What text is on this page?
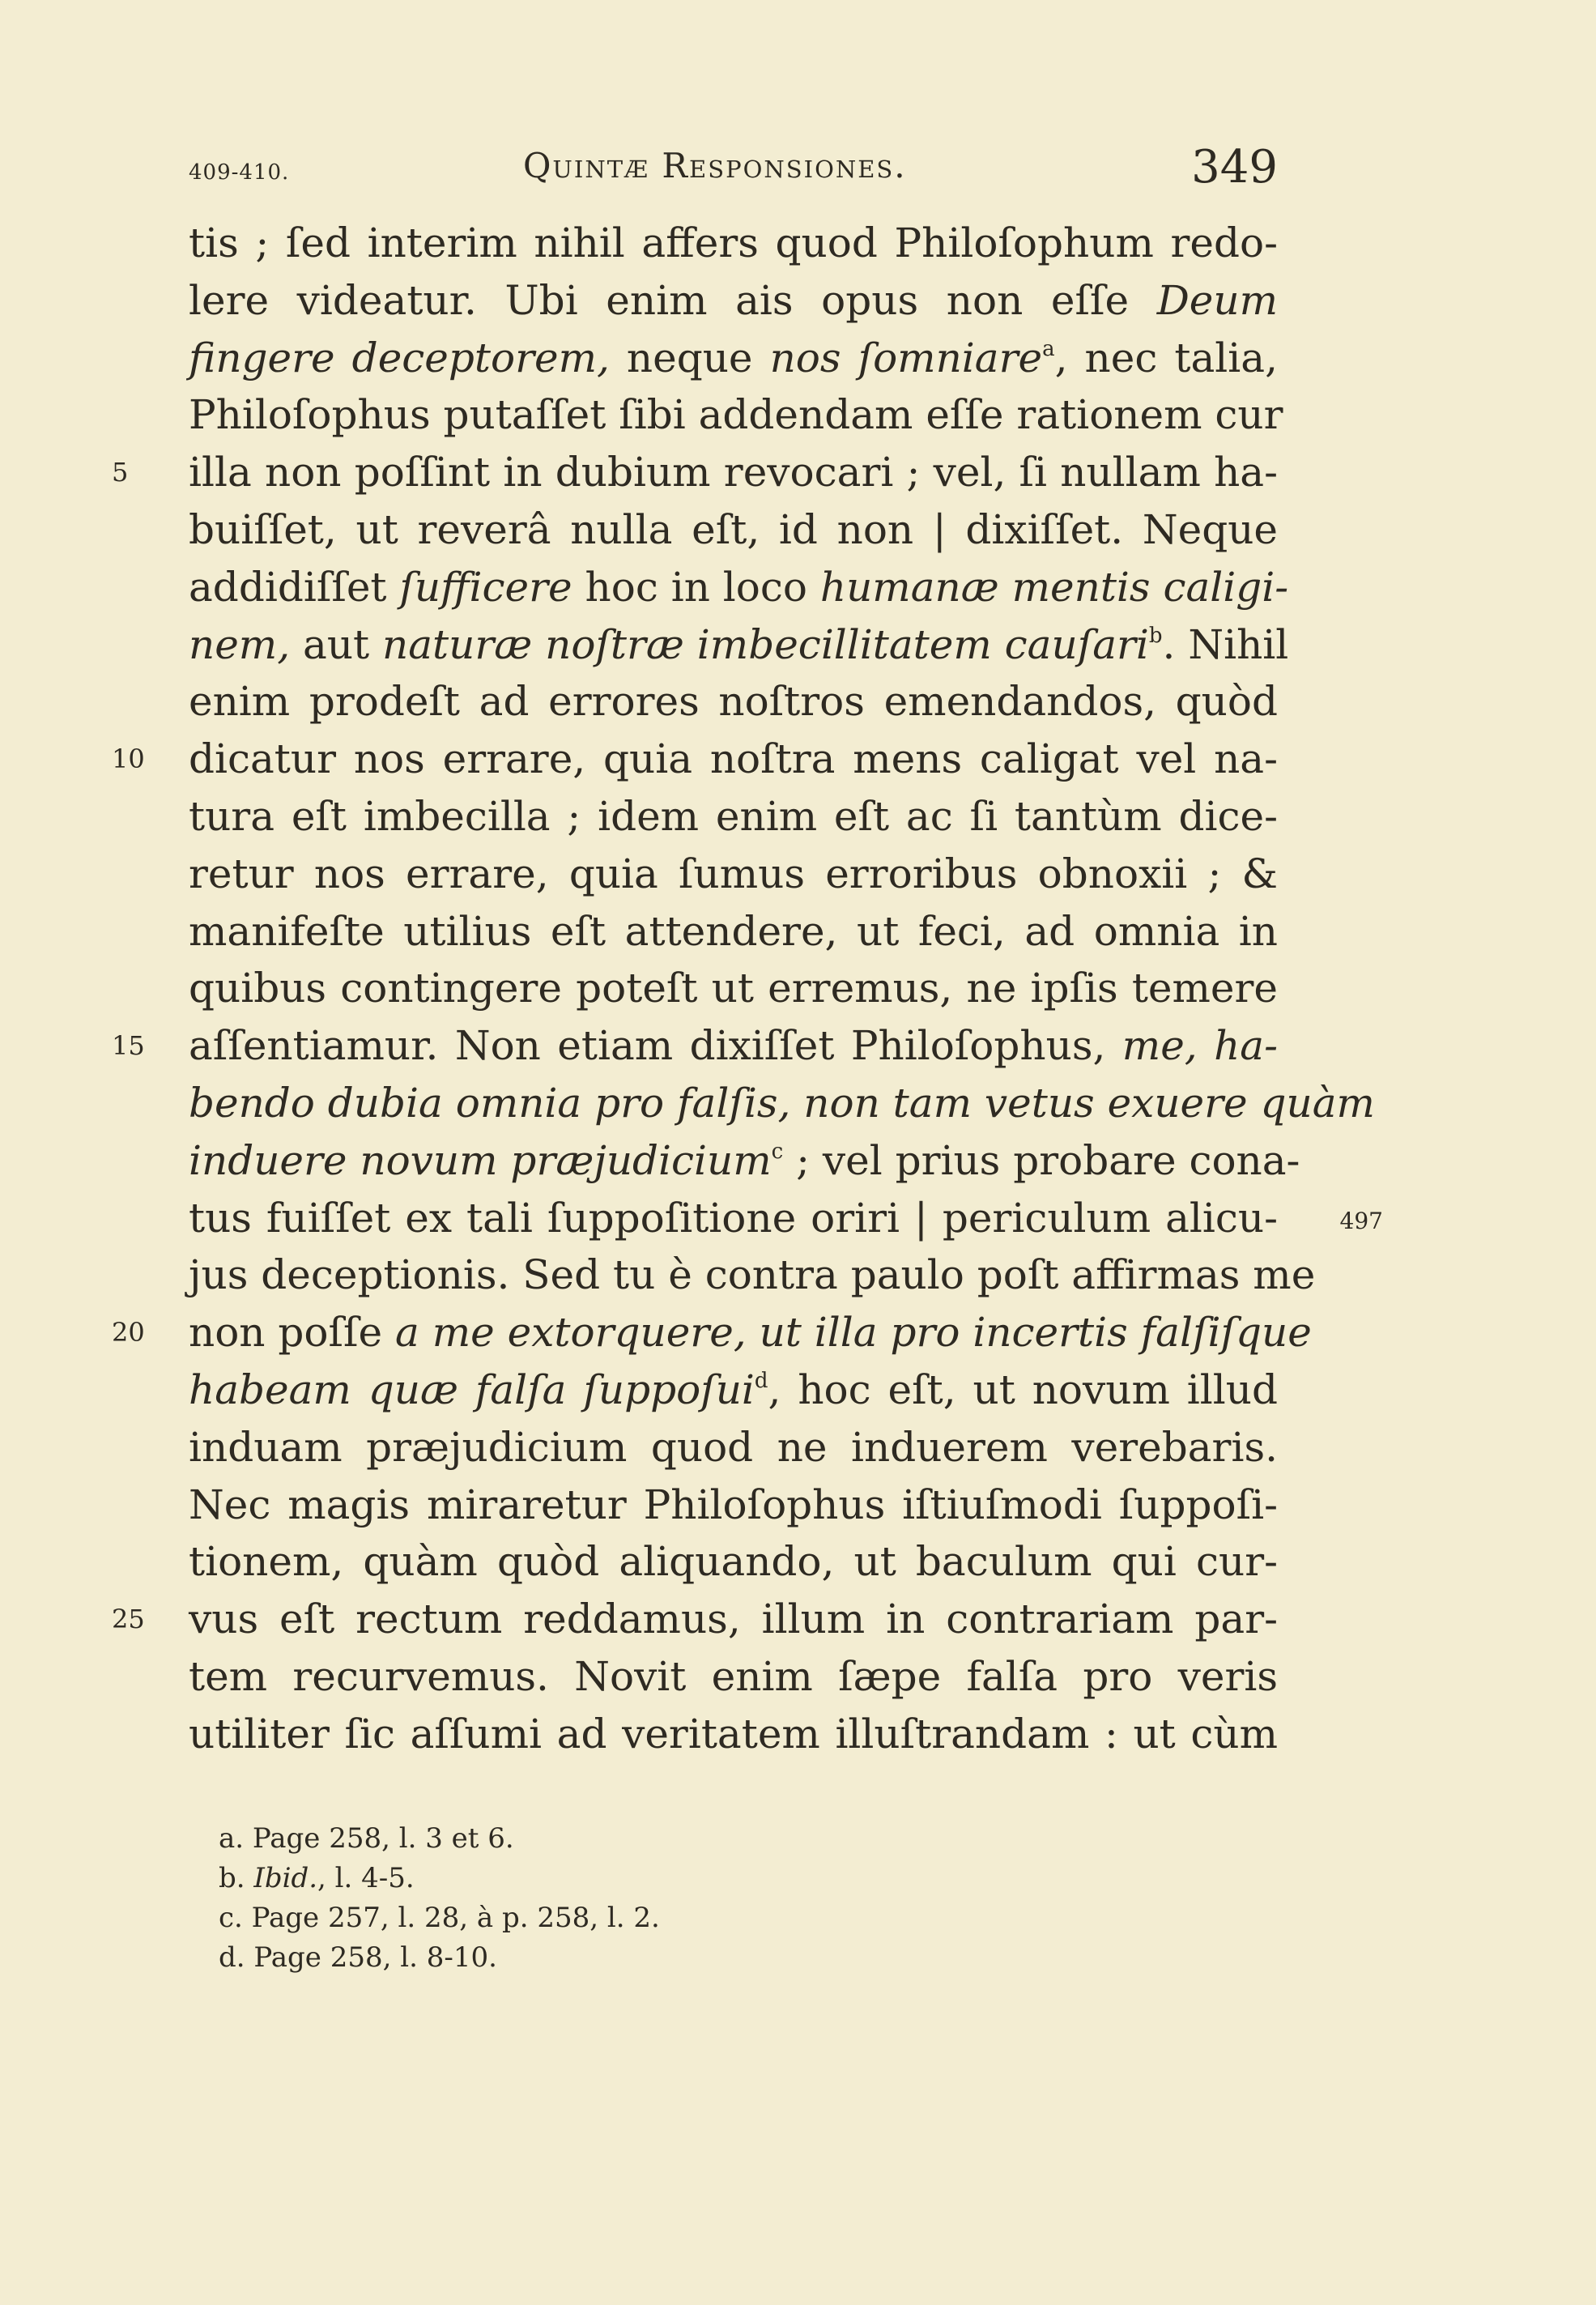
409-410.	Quintæ Responsiones.	349
tis ; ſed interim nihil affers quod Philoſophum redo-
lere videatur. Ubi enim ais opus non eſſe Deum
fingere deceptorem, neque nos ſomniare$^a$, nec talia,
Philoſophus putaſſet ſibi addendam eſſe rationem cur
5	illa non poſſint in dubium revocari ; vel, ſi nullam ha-
buiſſet, ut reverâ nulla eſt, id non | dixiſſet. Neque
addidiſſet ſufficere hoc in loco humanæ mentis caligi-
nem, aut naturæ noſtræ imbecillitatem cauſari$^b$. Nihil
enim prodeſt ad errores noſtros emendandos, quòd
10	dicatur nos errare, quia noſtra mens caligat vel na-
tura eſt imbecilla ; idem enim eſt ac ſi tantùm dice-
retur nos errare, quia ſumus erroribus obnoxii ; &
manifeſte utilius eſt attendere, ut feci, ad omnia in
quibus contingere poteſt ut erremus, ne ipſis temere
15	aſſentiamur. Non etiam dixiſſet Philoſophus, me, ha-
bendo dubia omnia pro falſis, non tam vetus exuere quàm
induere novum præjudicium$^c$ ; vel prius probare cona-
497
tus fuiſſet ex tali ſuppoſitione oriri | periculum alicu-
jus deceptionis. Sed tu è contra paulo poſt affirmas me
20	non poſſe a me extorquere, ut illa pro incertis falſiſque
habeam quæ falſa ſuppoſui$^d$, hoc eſt, ut novum illud
induam præjudicium quod ne induerem verebaris.
Nec magis miraretur Philoſophus iſtiuſmodi ſuppoſi-
tionem, quàm quòd aliquando, ut baculum qui cur-
25	vus eſt rectum reddamus, illum in contrariam par-
tem recurvemus. Novit enim ſæpe falſa pro veris
utiliter ſic aſſumi ad veritatem illuſtrandam : ut cùm
a. Page 258, l. 3 et 6.
b. Ibid., l. 4-5.
c. Page 257, l. 28, à p. 258, l. 2.
d. Page 258, l. 8-10.
